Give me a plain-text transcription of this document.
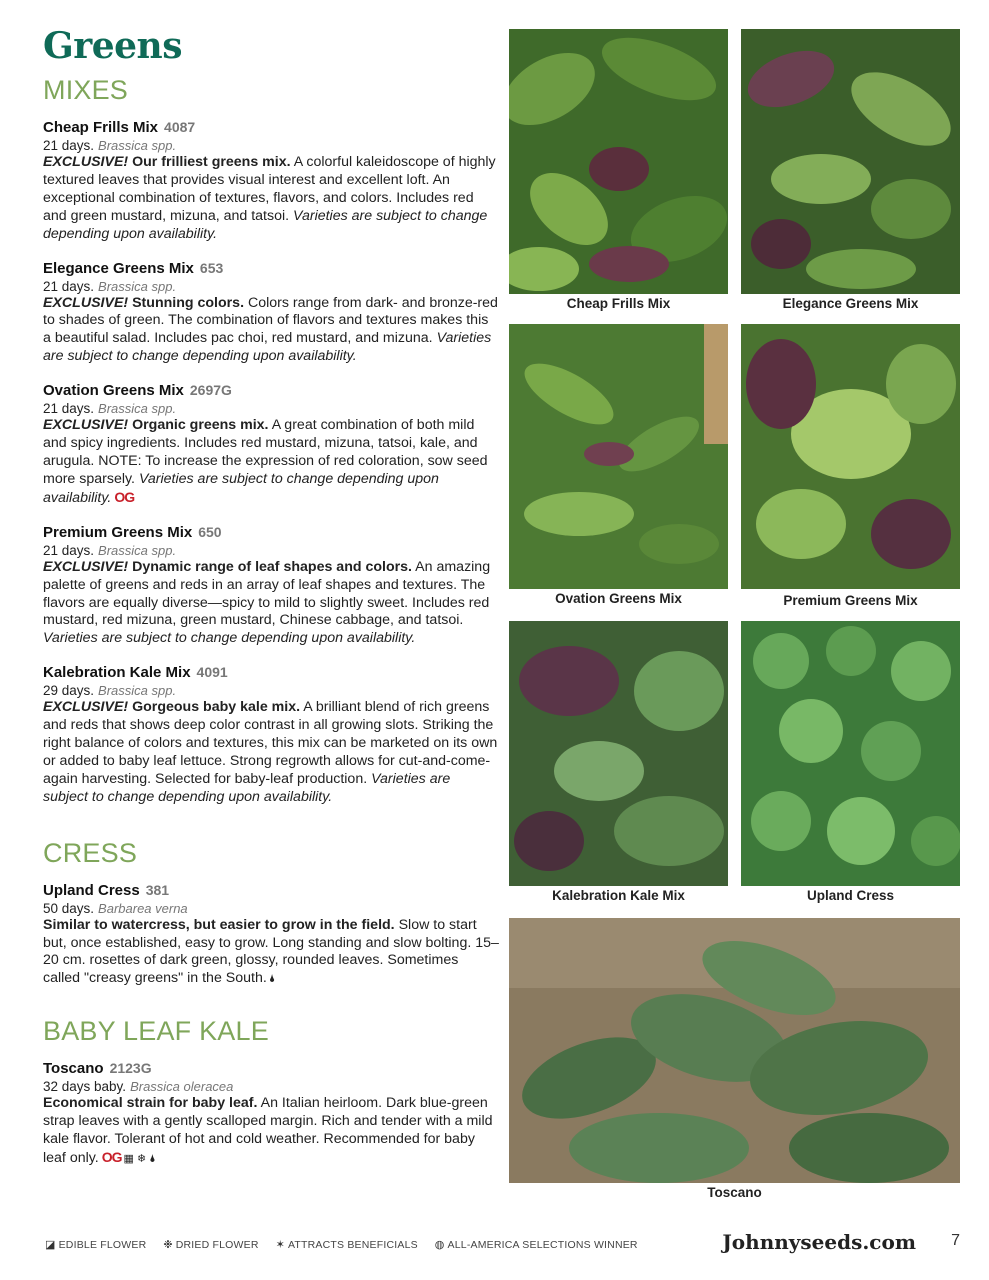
Greens
MIXES
Cheap Frills Mix 4087
21 days. Brassica spp.

EXCLUSIVE! Our frilliest greens mix. A colorful kaleidoscope of highly textured leaves that provides visual interest and excellent loft. An exceptional combination of textures, flavors, and colors. Includes red and green mustard, mizuna, and tatsoi. Varieties are subject to change depending upon availability.

Elegance Greens Mix 653
21 days. Brassica spp.

EXCLUSIVE! Stunning colors. Colors range from dark- and bronze-red to shades of green. The combination of flavors and textures makes this a beautiful salad. Includes pac choi, red mustard, and mizuna. Varieties are subject to change depending upon availability.

Ovation Greens Mix 2697G
21 days. Brassica spp.

EXCLUSIVE! Organic greens mix. A great combination of both mild and spicy ingredients. Includes red mustard, mizuna, tatsoi, kale, and arugula. NOTE: To increase the expression of red coloration, sow seed more sparsely. Varieties are subject to change depending upon availability. OG

Premium Greens Mix 650
21 days. Brassica spp.

EXCLUSIVE! Dynamic range of leaf shapes and colors. An amazing palette of greens and reds in an array of leaf shapes and textures. The flavors are equally diverse—spicy to mild to slightly sweet. Includes red mustard, red mizuna, green mustard, Chinese cabbage, and tatsoi. Varieties are subject to change depending upon availability.

Kalebration Kale Mix 4091
29 days. Brassica spp.

EXCLUSIVE! Gorgeous baby kale mix. A brilliant blend of rich greens and reds that shows deep color contrast in all growing slots. Striking the right balance of colors and textures, this mix can be marketed on its own or added to baby leaf lettuce. Strong regrowth allows for cut-and-come-again harvesting. Selected for baby-leaf production. Varieties are subject to change depending upon availability.

CRESS
Upland Cress 381
50 days. Barbarea verna

Similar to watercress, but easier to grow in the field. Slow to start but, once established, easy to grow. Long standing and slow bolting. 15–20 cm. rosettes of dark green, glossy, rounded leaves. Sometimes called "creasy greens" in the South. 🌢

BABY LEAF KALE
Toscano 2123G
32 days baby. Brassica oleracea

Economical strain for baby leaf. An Italian heirloom. Dark blue-green strap leaves with a gently scalloped margin. Rich and tender with a mild kale flavor. Tolerant of hot and cold weather. Recommended for baby leaf only. OG ▦ ❄ 🌢

Cheap Frills Mix	Elegance Greens Mix
Ovation Greens Mix	Premium Greens Mix
Kalebration Kale Mix	Upland Cress
Toscano
◪ EDIBLE FLOWER ❉ DRIED FLOWER ✶ ATTRACTS BENEFICIALS ◍ ALL-AMERICA SELECTIONS WINNER	Johnnyseeds.com 7
